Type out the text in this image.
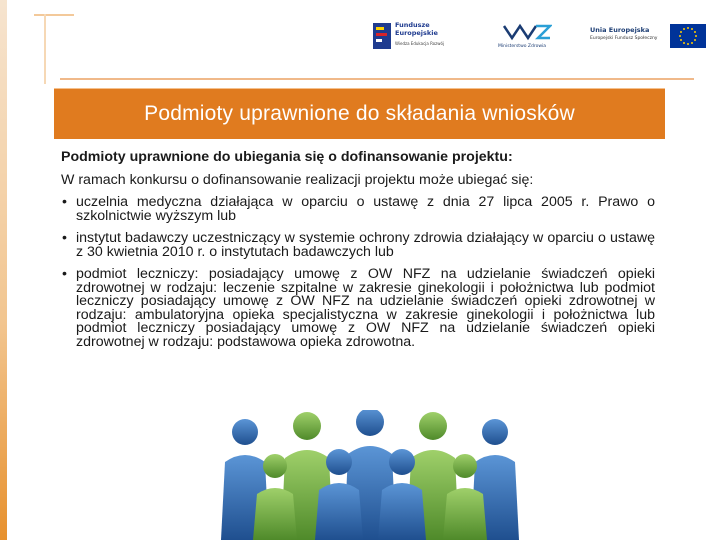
Fundusze
Europejskie
Wiedza Edukacja Rozwój
Ministerstwo Zdrowia
Unia Europejska
Europejski Fundusz Społeczny
Podmioty uprawnione do składania wniosków
Podmioty uprawnione do ubiegania się o dofinansowanie projektu:
W ramach konkursu o dofinansowanie realizacji projektu może ubiegać się:
• uczelnia medyczna działająca w oparciu o ustawę z dnia 27 lipca 2005 r. Prawo o szkolnictwie wyższym lub
• instytut badawczy uczestniczący w systemie ochrony zdrowia działający w oparciu o ustawę z 30 kwietnia 2010 r. o instytutach badawczych lub
• podmiot leczniczy: posiadający umowę z OW NFZ na udzielanie świadczeń opieki zdrowotnej w rodzaju: leczenie szpitalne w zakresie ginekologii i położnictwa lub podmiot leczniczy posiadający umowę z OW NFZ na udzielanie świadczeń opieki zdrowotnej w rodzaju: ambulatoryjna opieka specjalistyczna w zakresie ginekologii i położnictwa lub podmiot leczniczy posiadający umowę z OW NFZ na udzielanie świadczeń opieki zdrowotnej w rodzaju: podstawowa opieka zdrowotna.
